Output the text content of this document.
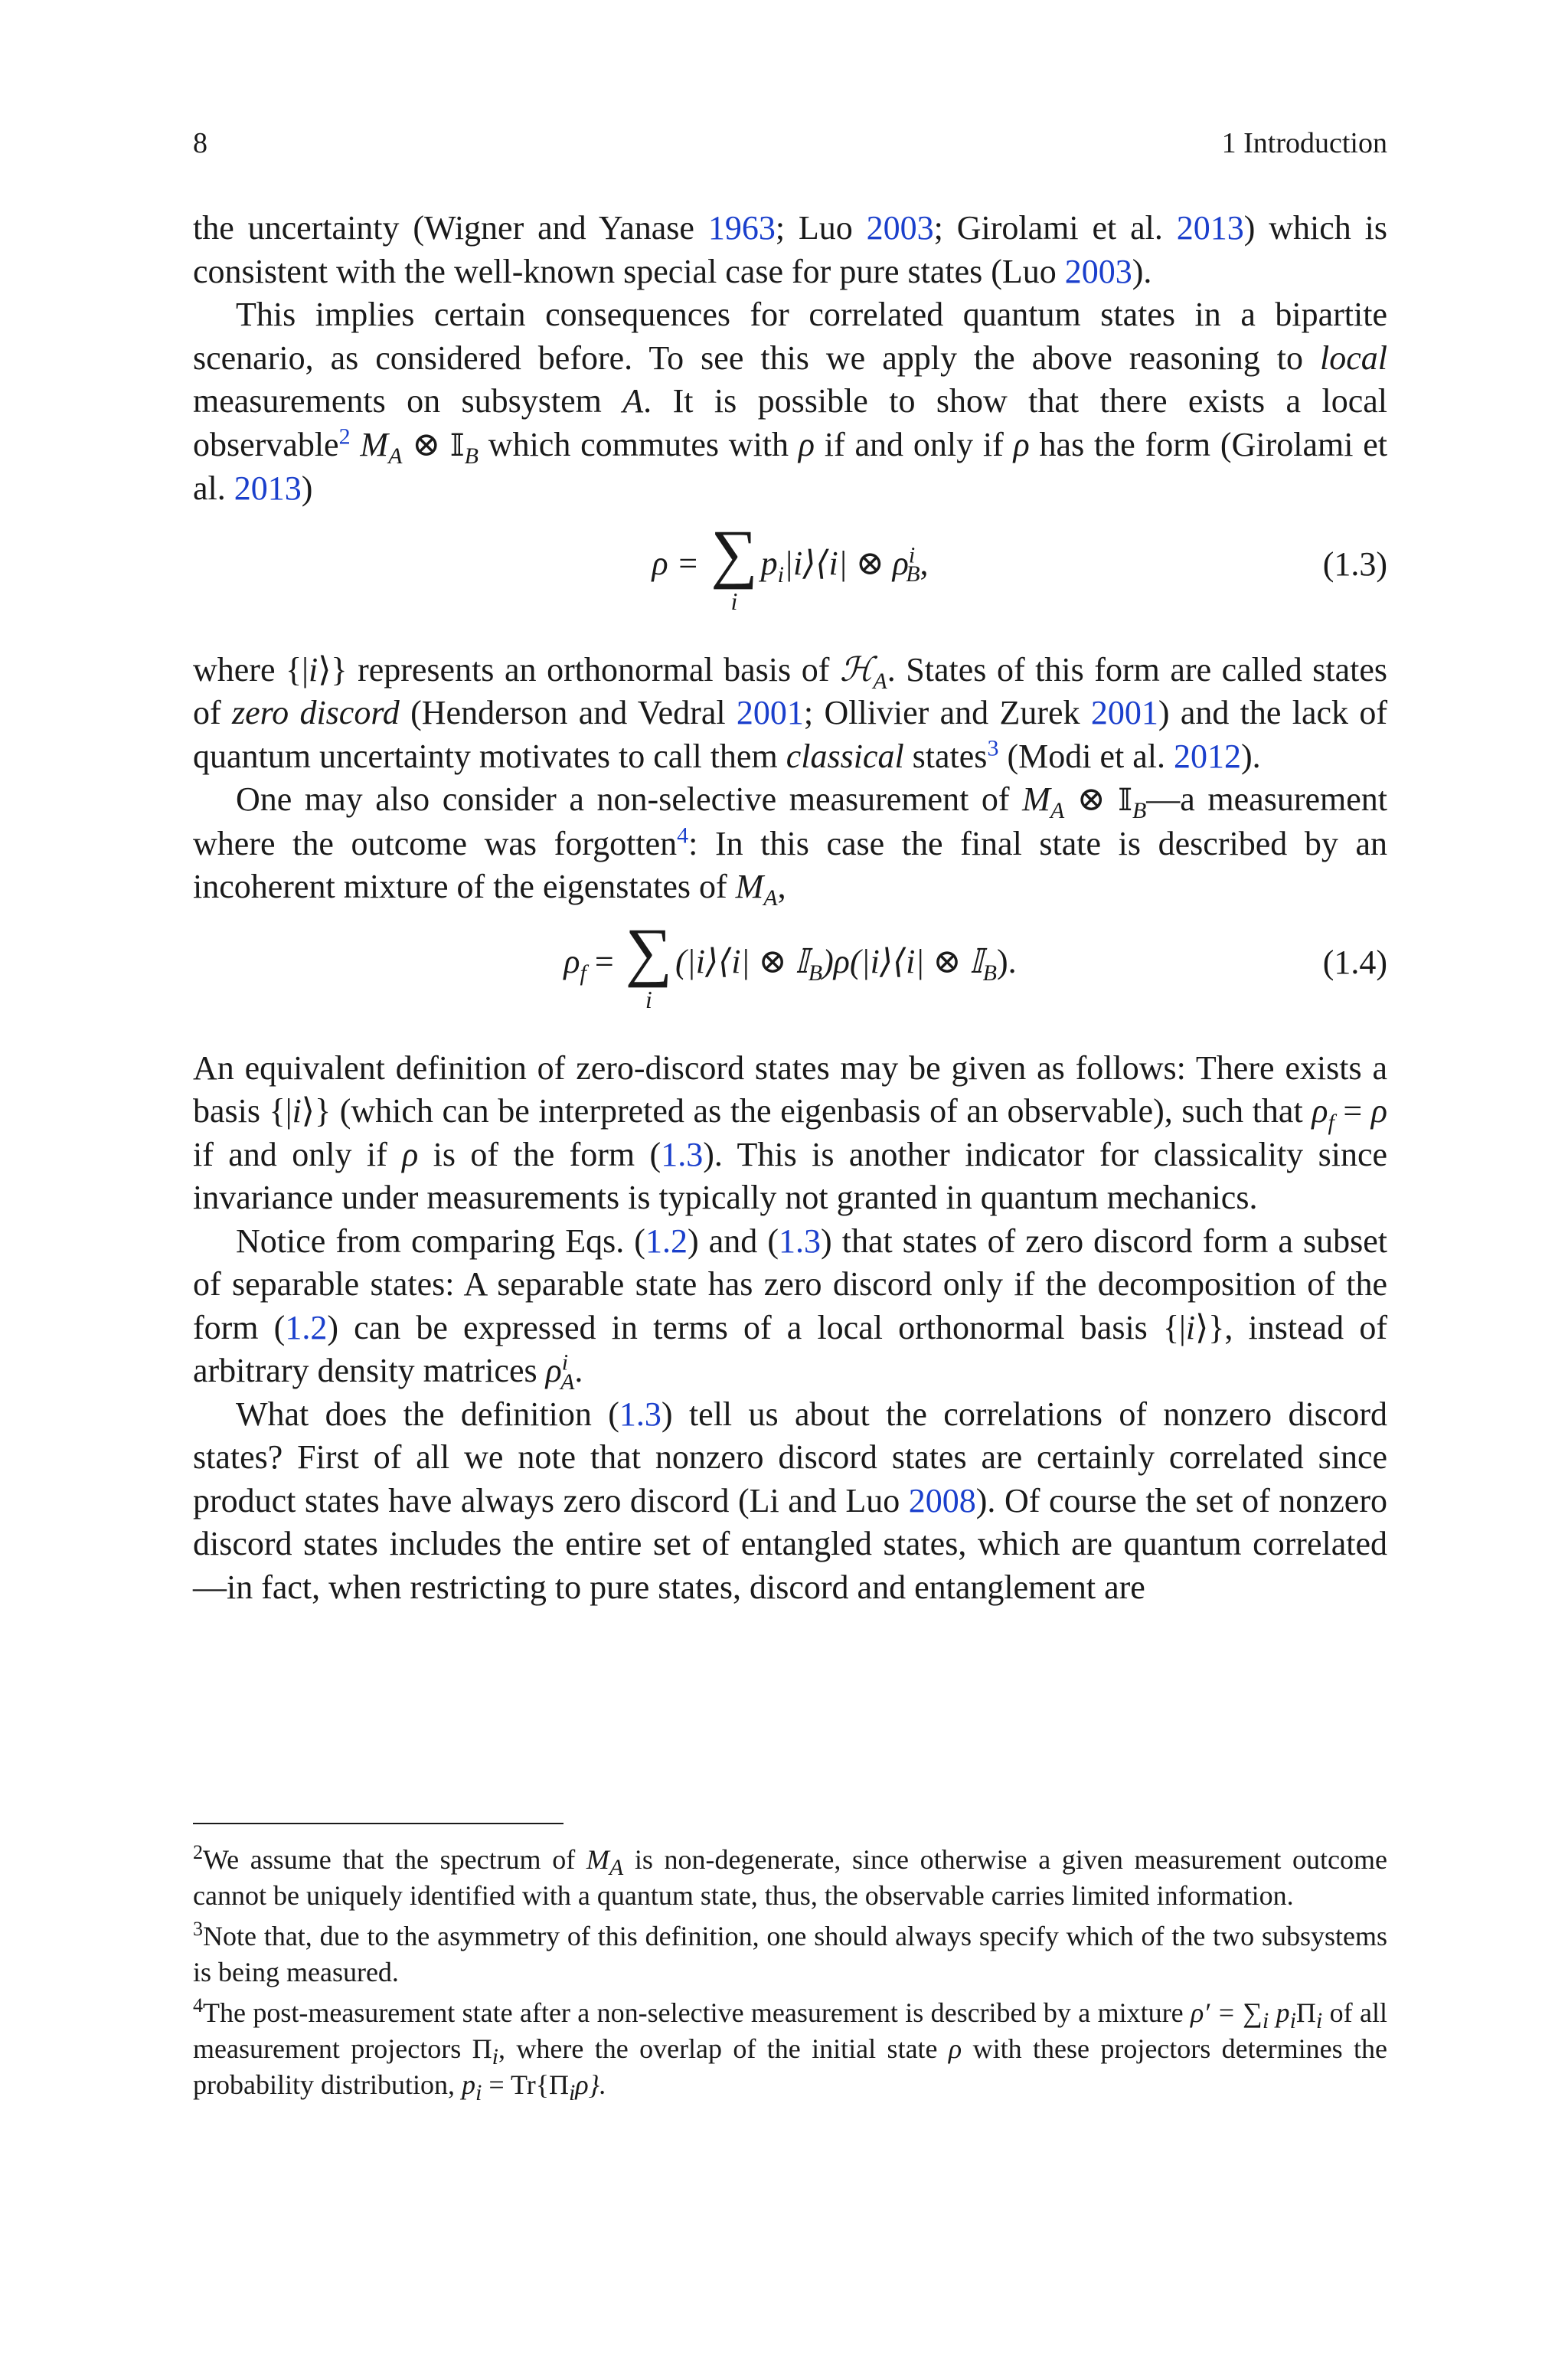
8	1 Introduction

the uncertainty (Wigner and Yanase 1963; Luo 2003; Girolami et al. 2013) which is consistent with the well-known special case for pure states (Luo 2003).

This implies certain consequences for correlated quantum states in a bipartite scenario, as considered before. To see this we apply the above reasoning to local measurements on subsystem A. It is possible to show that there exists a local observable$^2$ $M_A$ ⊗ 𝕀$_B$ which commutes with ρ if and only if ρ has the form (Girolami et al. 2013)

ρ = ∑
i
$p_i|i⟩⟨i|$ ⊗ $\rho^i_B$,	(1.3)

where {|i⟩} represents an orthonormal basis of ℋ$_A$. States of this form are called states of zero discord (Henderson and Vedral 2001; Ollivier and Zurek 2001) and the lack of quantum uncertainty motivates to call them classical states$^3$ (Modi et al. 2012).

One may also consider a non-selective measurement of $M_A$ ⊗ 𝕀$_B$—a measurement where the outcome was forgotten$^4$: In this case the final state is described by an incoherent mixture of the eigenstates of $M_A$,

$\rho_f$ = ∑
i
(|i⟩⟨i| ⊗ 𝕀$_B$)ρ(|i⟩⟨i| ⊗ 𝕀$_B$).	(1.4)

An equivalent definition of zero-discord states may be given as follows: There exists a basis {|i⟩} (which can be interpreted as the eigenbasis of an observable), such that $\rho_f = \rho$ if and only if ρ is of the form (1.3). This is another indicator for classicality since invariance under measurements is typically not granted in quantum mechanics.

Notice from comparing Eqs. (1.2) and (1.3) that states of zero discord form a subset of separable states: A separable state has zero discord only if the decomposition of the form (1.2) can be expressed in terms of a local orthonormal basis {|i⟩}, instead of arbitrary density matrices $\rho^i_A$.

What does the definition (1.3) tell us about the correlations of nonzero discord states? First of all we note that nonzero discord states are certainly correlated since product states have always zero discord (Li and Luo 2008). Of course the set of nonzero discord states includes the entire set of entangled states, which are quantum correlated—in fact, when restricting to pure states, discord and entanglement are

$^2$We assume that the spectrum of $M_A$ is non-degenerate, since otherwise a given measurement outcome cannot be uniquely identified with a quantum state, thus, the observable carries limited information.

$^3$Note that, due to the asymmetry of this definition, one should always specify which of the two subsystems is being measured.

$^4$The post-measurement state after a non-selective measurement is described by a mixture $\rho' = \sum_i$ $p_i\Pi_i$ of all measurement projectors $\Pi_i$, where the overlap of the initial state ρ with these projectors determines the probability distribution, $p_i = Tr\{\Pi_i\rho\}$.
